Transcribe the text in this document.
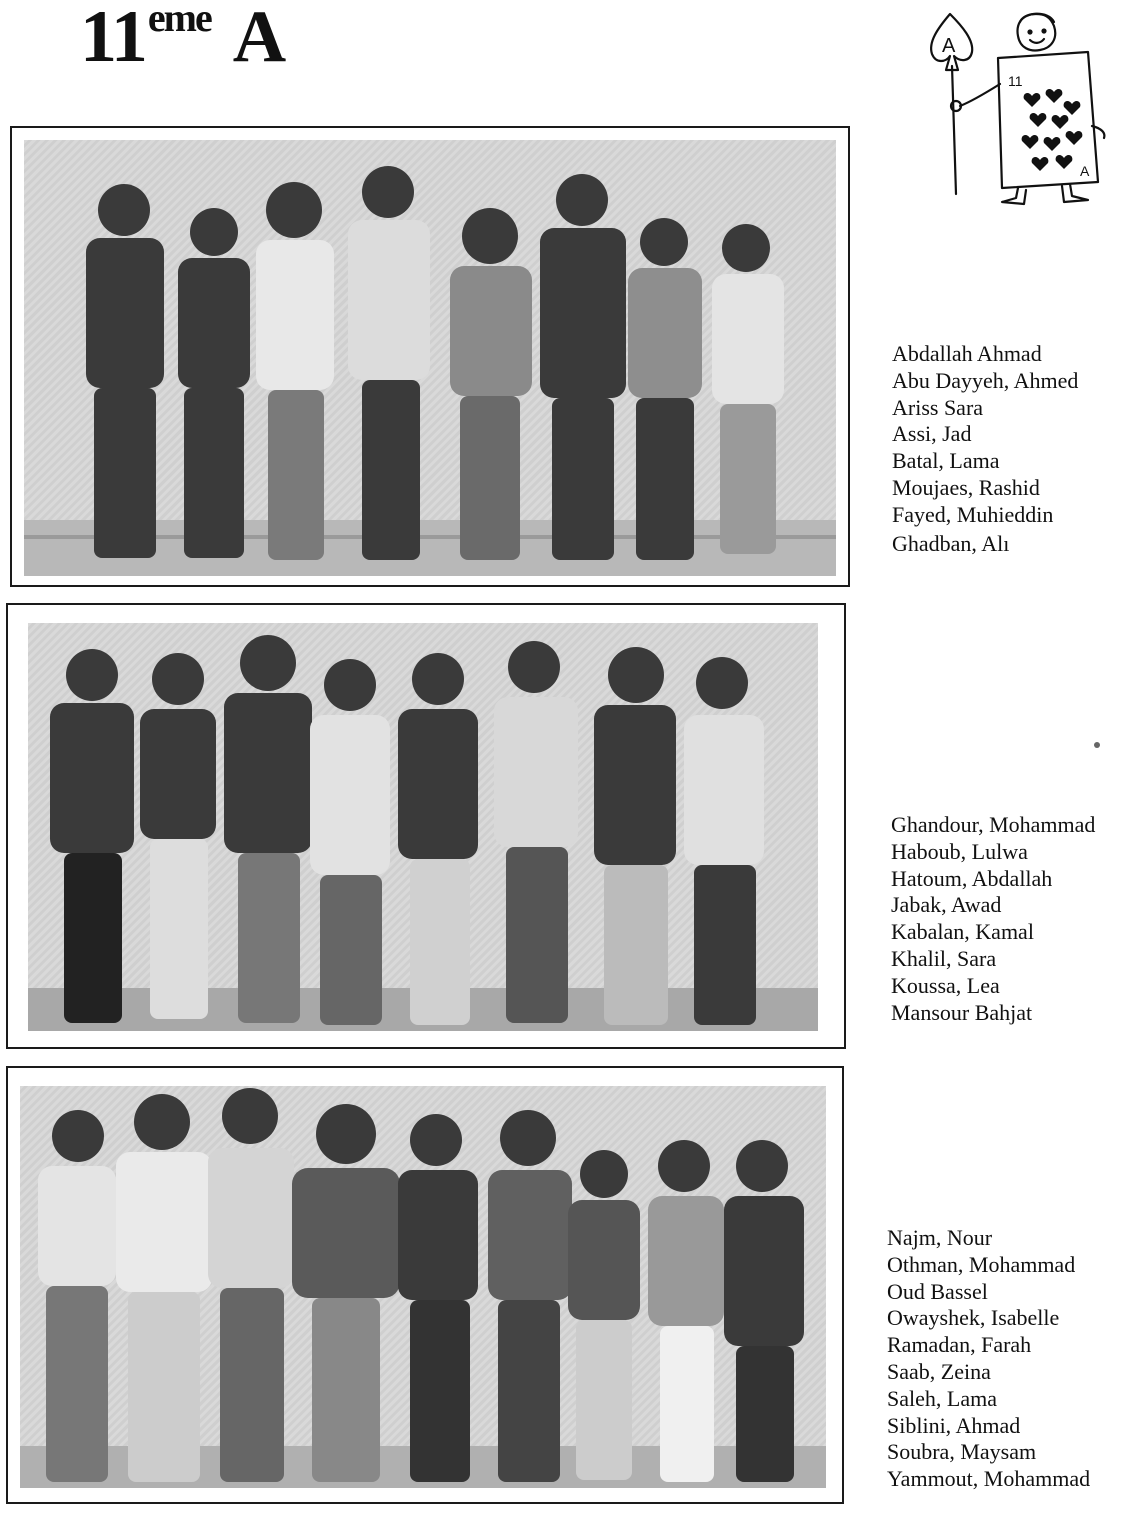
11eme A	A
11
A
Abdallah Ahmad
Abu Dayyeh, Ahmed
Ariss Sara
Assi, Jad
Batal, Lama
Moujaes, Rashid
Fayed, Muhieddin
Ghadban, Alı
Ghandour, Mohammad
Haboub, Lulwa
Hatoum, Abdallah
Jabak, Awad
Kabalan, Kamal
Khalil, Sara
Koussa, Lea
Mansour Bahjat
Najm, Nour
Othman, Mohammad
Oud Bassel
Owayshek, Isabelle
Ramadan, Farah
Saab, Zeina
Saleh, Lama
Siblini, Ahmad
Soubra, Maysam
Yammout, Mohammad
